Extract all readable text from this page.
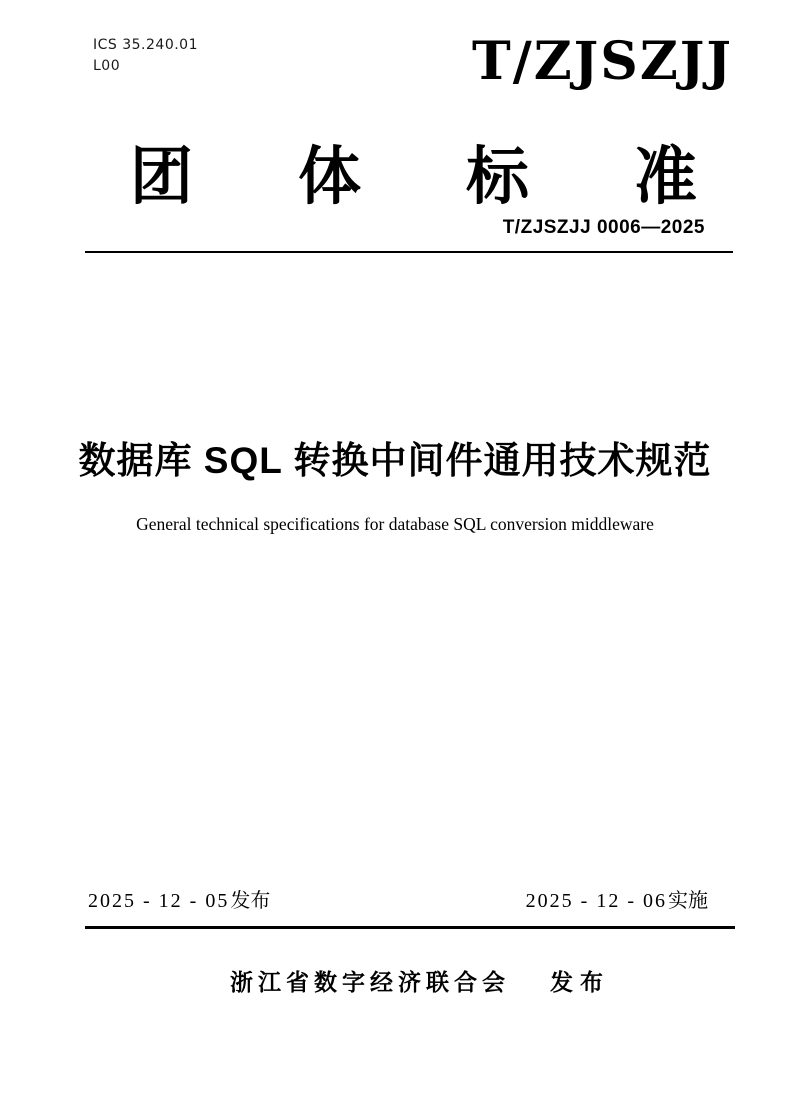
ICS 35.240.01
L00	T/ZJSZJJ
团 体 标 准
T/ZJSZJJ 0006—2025
数据库 SQL 转换中间件通用技术规范
General technical specifications for database SQL conversion middleware
2025 - 12 - 05发布	2025 - 12 - 06实施
浙江省数字经济联合会 发布
